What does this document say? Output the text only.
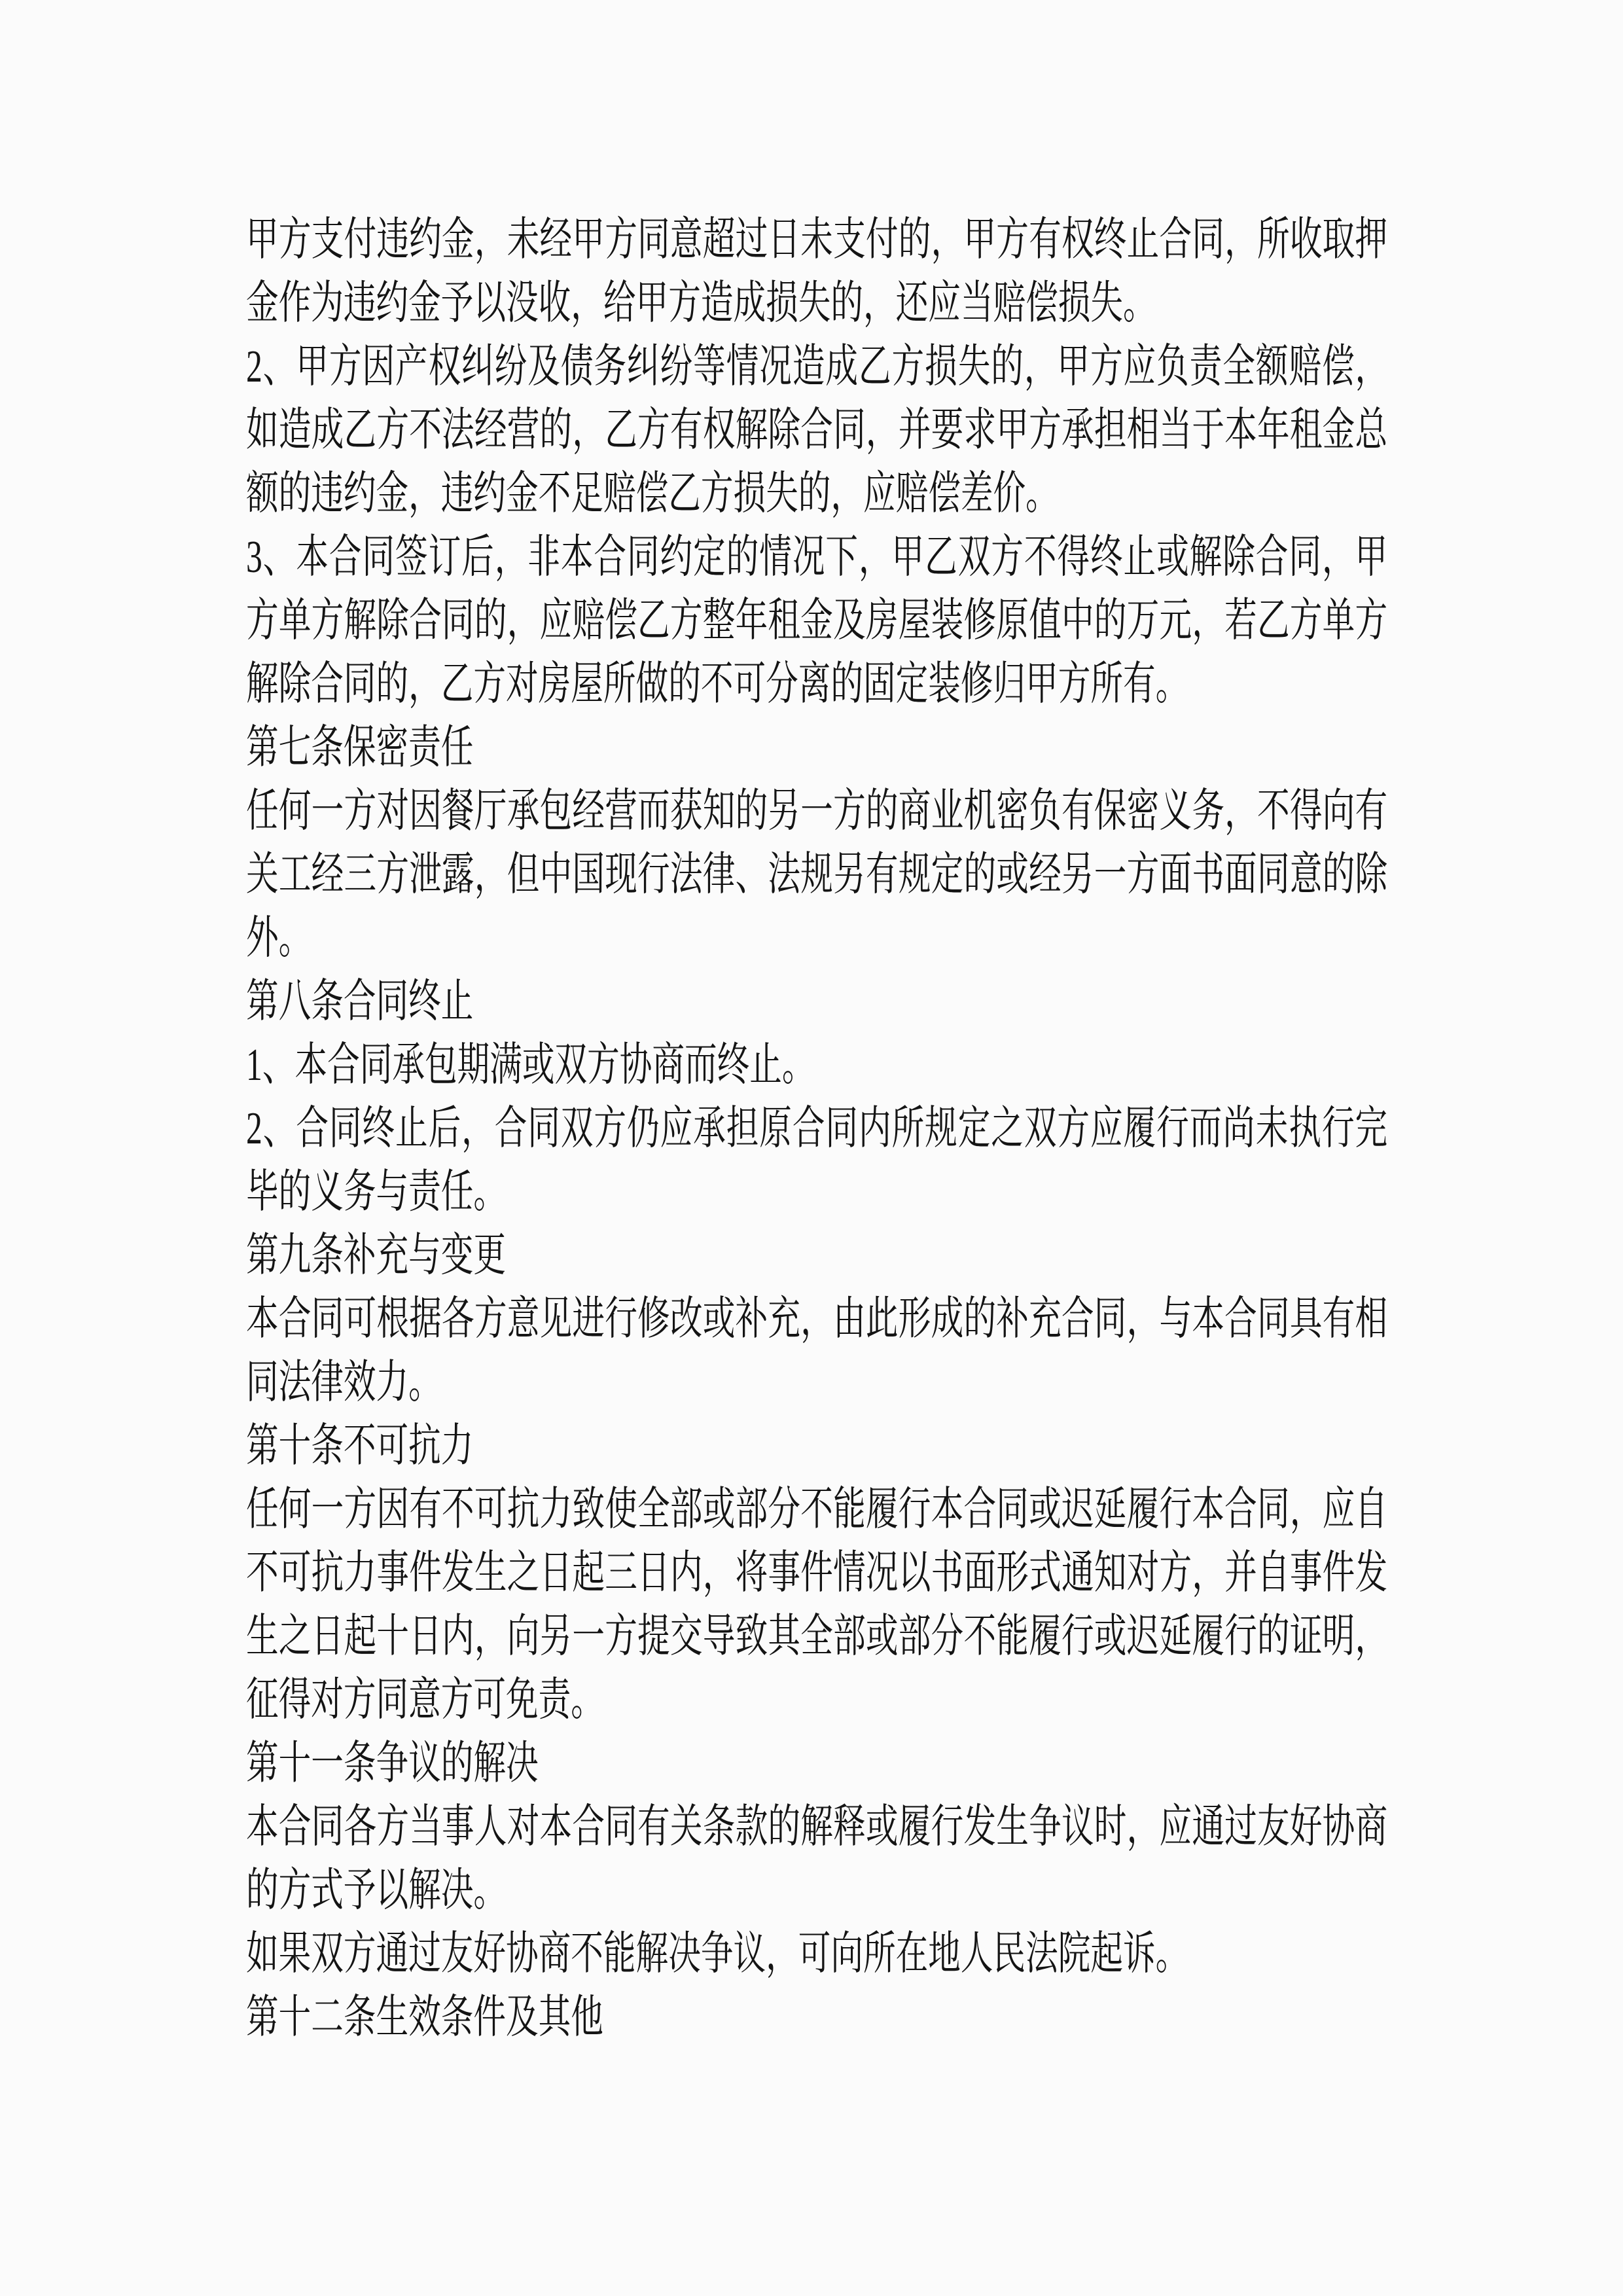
甲方支付违约金，未经甲方同意超过日未支付的，甲方有权终止合同，所收取押
金作为违约金予以没收，给甲方造成损失的，还应当赔偿损失。
2、甲方因产权纠纷及债务纠纷等情况造成乙方损失的，甲方应负责全额赔偿，
如造成乙方不法经营的，乙方有权解除合同，并要求甲方承担相当于本年租金总
额的违约金，违约金不足赔偿乙方损失的，应赔偿差价。
3、本合同签订后，非本合同约定的情况下，甲乙双方不得终止或解除合同，甲
方单方解除合同的，应赔偿乙方整年租金及房屋装修原值中的万元，若乙方单方
解除合同的，乙方对房屋所做的不可分离的固定装修归甲方所有。
第七条保密责任
任何一方对因餐厅承包经营而获知的另一方的商业机密负有保密义务，不得向有
关工经三方泄露，但中国现行法律、法规另有规定的或经另一方面书面同意的除
外。
第八条合同终止
1、本合同承包期满或双方协商而终止。
2、合同终止后，合同双方仍应承担原合同内所规定之双方应履行而尚未执行完
毕的义务与责任。
第九条补充与变更
本合同可根据各方意见进行修改或补充，由此形成的补充合同，与本合同具有相
同法律效力。
第十条不可抗力
任何一方因有不可抗力致使全部或部分不能履行本合同或迟延履行本合同，应自
不可抗力事件发生之日起三日内，将事件情况以书面形式通知对方，并自事件发
生之日起十日内，向另一方提交导致其全部或部分不能履行或迟延履行的证明，
征得对方同意方可免责。
第十一条争议的解决
本合同各方当事人对本合同有关条款的解释或履行发生争议时，应通过友好协商
的方式予以解决。
如果双方通过友好协商不能解决争议，可向所在地人民法院起诉。
第十二条生效条件及其他
